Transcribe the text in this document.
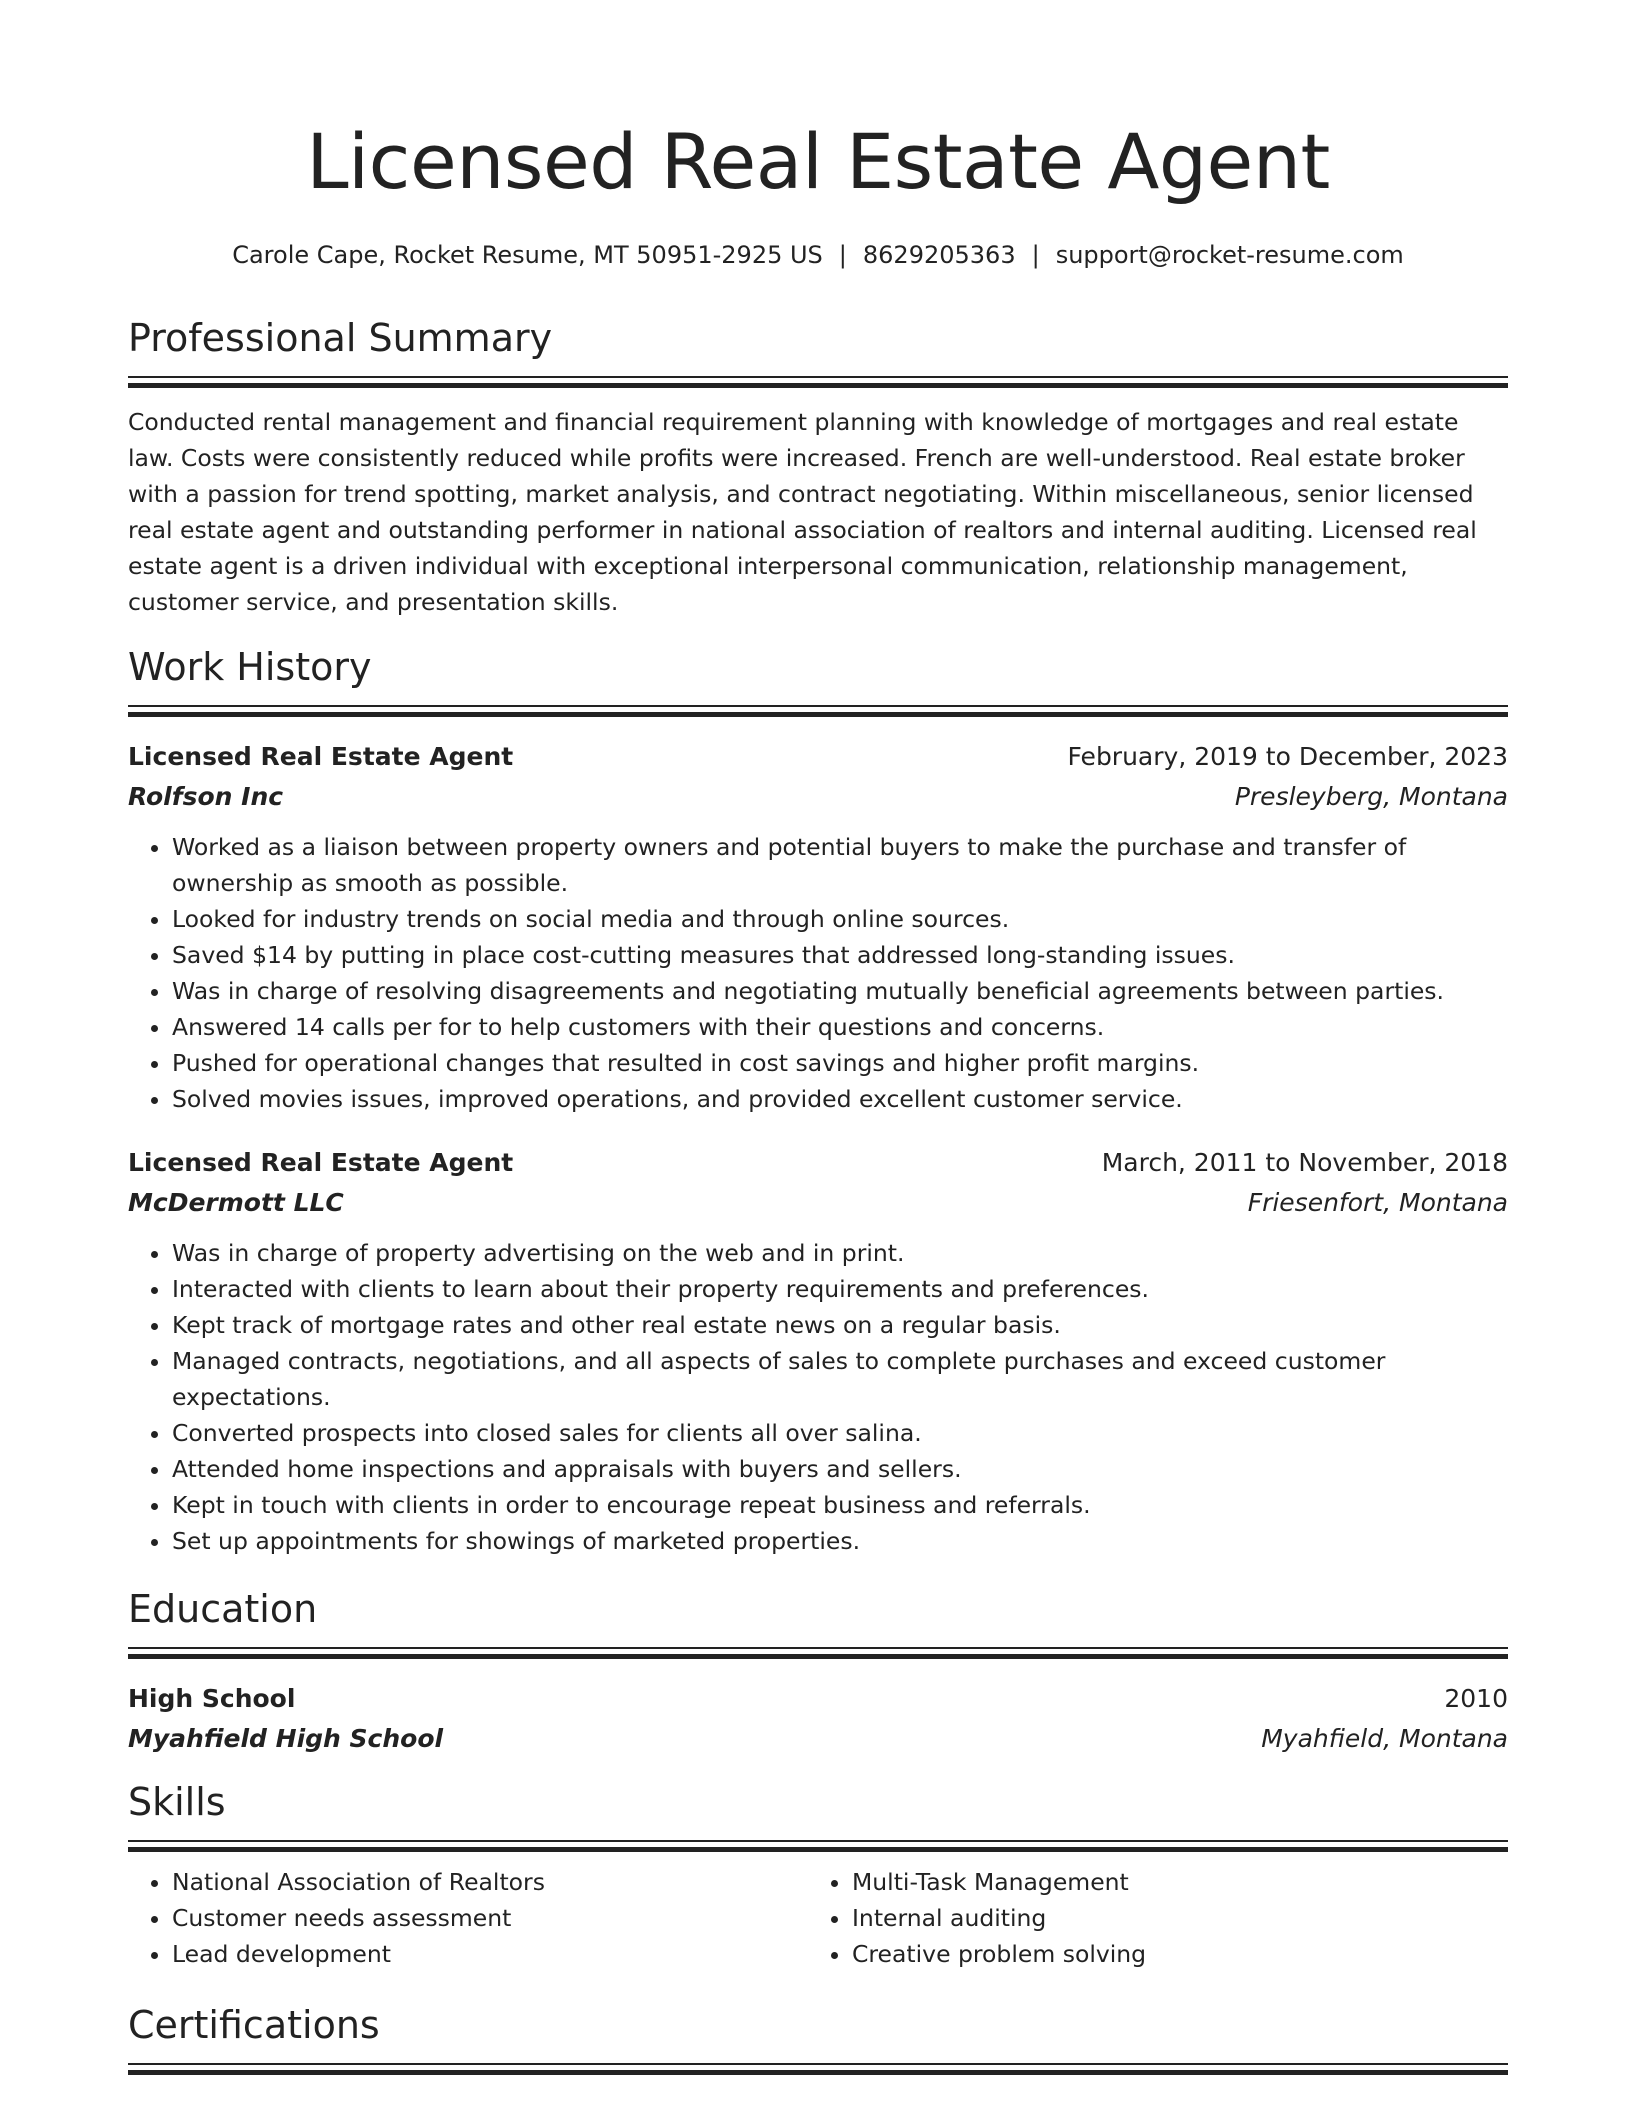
Licensed Real Estate Agent
Carole Cape, Rocket Resume, MT 50951-2925 US | 8629205363 | support@rocket-resume.com
Professional Summary

Conducted rental management and financial requirement planning with knowledge of mortgages and real estate law. Costs were consistently reduced while profits were increased. French are well-understood. Real estate broker with a passion for trend spotting, market analysis, and contract negotiating. Within miscellaneous, senior licensed real estate agent and outstanding performer in national association of realtors and internal auditing. Licensed real estate agent is a driven individual with exceptional interpersonal communication, relationship management, customer service, and presentation skills.

Work History
Licensed Real Estate Agent	February, 2019 to December, 2023
Rolfson Inc	Presleyberg, Montana
• Worked as a liaison between property owners and potential buyers to make the purchase and transfer of ownership as smooth as possible.
• Looked for industry trends on social media and through online sources.
• Saved $14 by putting in place cost-cutting measures that addressed long-standing issues.
• Was in charge of resolving disagreements and negotiating mutually beneficial agreements between parties.
• Answered 14 calls per for to help customers with their questions and concerns.
• Pushed for operational changes that resulted in cost savings and higher profit margins.
• Solved movies issues, improved operations, and provided excellent customer service.
Licensed Real Estate Agent	March, 2011 to November, 2018
McDermott LLC	Friesenfort, Montana
• Was in charge of property advertising on the web and in print.
• Interacted with clients to learn about their property requirements and preferences.
• Kept track of mortgage rates and other real estate news on a regular basis.
• Managed contracts, negotiations, and all aspects of sales to complete purchases and exceed customer expectations.
• Converted prospects into closed sales for clients all over salina.
• Attended home inspections and appraisals with buyers and sellers.
• Kept in touch with clients in order to encourage repeat business and referrals.
• Set up appointments for showings of marketed properties.
Education
High School	2010
Myahfield High School	Myahfield, Montana
Skills
• National Association of Realtors
• Customer needs assessment
• Lead development
• Multi-Task Management
• Internal auditing
• Creative problem solving
Certifications
